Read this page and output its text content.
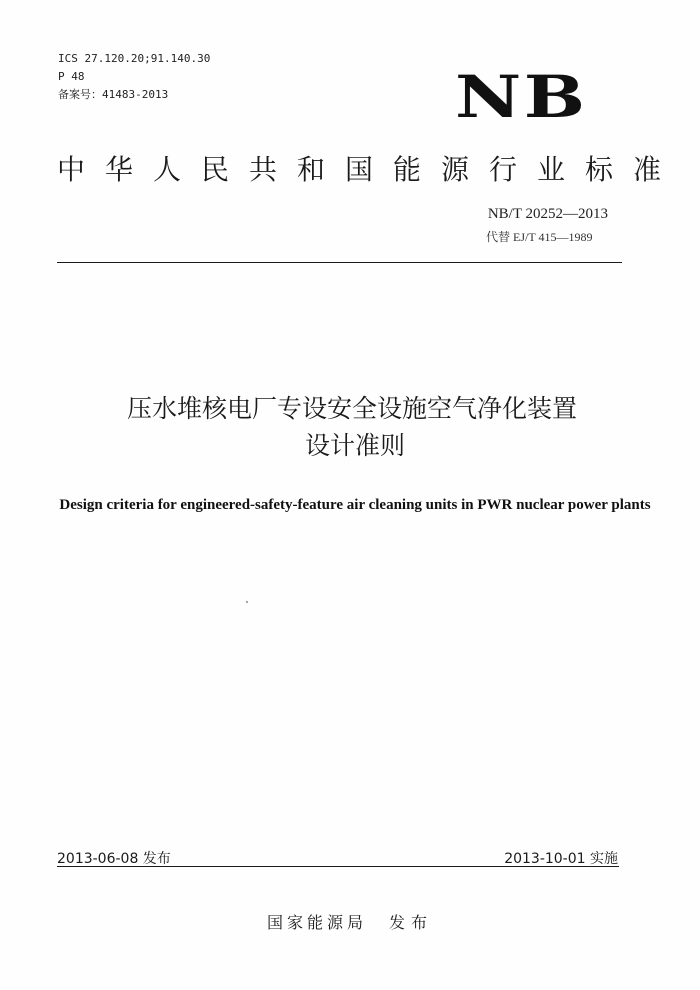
ICS 27.120.20;91.140.30
P 48
备案号：41483-2013	NB
中华人民共和国能源行业标准
NB/T 20252—2013
代替 EJ/T 415—1989
压水堆核电厂专设安全设施空气净化装置
设计准则
Design criteria for engineered-safety-feature air cleaning units in PWR nuclear power plants
2013-06-08 发布	2013-10-01 实施
国家能源局 发布
